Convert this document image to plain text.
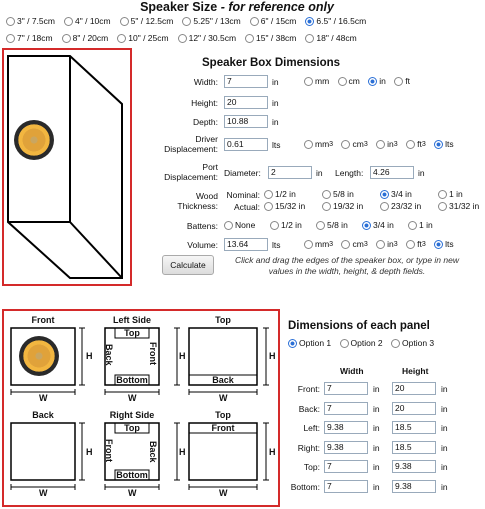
Speaker Size - for reference only
3" / 7.5cm 4" / 10cm 5" / 12.5cm 5.25" / 13cm 6" / 15cm 6.5" / 16.5cm
7" / 18cm 8" / 20cm 10" / 25cm 12" / 30.5cm 15" / 38cm 18" / 48cm
Speaker Box Dimensions
Width:	7	in	mm
cm
in
ft
Height:	20	in
Depth:	10.88	in
Driver
Displacement:	0.61	lts	mm 3
cm 3
in 3
ft 3
lts
Port
Displacement: Diameter:	2	in Length:	4.26	in
Wood
Thickness:
Nominal: 1/2 in	5/8 in	3/4 in	1 in
Actual: 15/32 in	19/32 in	23/32 in	31/32 in
Battens: None	1/2 in	5/8 in	3/4 in	1 in
Volume:	13.64	lts	mm 3
cm 3
in 3
ft 3
lts
Calculate	Click and drag the edges of the speaker box, or type in new values in the width, height, & depth fields.
Front	Left Side	Top
Back	Right Side	Top
Top
Bottom	Back
Top
Bottom
Front
Back	Front
Front	Back
W
H
W
H
W
H
W
H
W
H
W
H
Dimensions of each panel
Option 1
Option 2
Option 3
Width	Height
Front: 7	in	20	in
Back: 7	in	20	in
Left: 9.38	in	18.5	in
Right: 9.38	in	18.5	in
Top: 7	in	9.38	in
Bottom: 7	in	9.38	in
